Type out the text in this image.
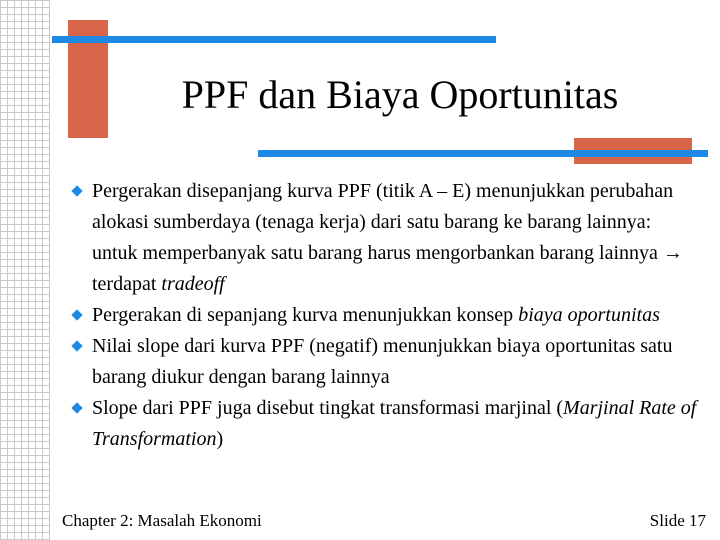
PPF dan Biaya Oportunitas
Pergerakan disepanjang kurva PPF (titik A – E) menunjukkan perubahan alokasi sumberdaya (tenaga kerja) dari satu barang ke barang lainnya: untuk memperbanyak satu barang harus mengorbankan barang lainnya → terdapat tradeoff
Pergerakan di sepanjang kurva menunjukkan konsep biaya oportunitas
Nilai slope dari kurva PPF (negatif) menunjukkan biaya oportunitas satu barang diukur dengan barang lainnya
Slope dari PPF juga disebut tingkat transformasi marjinal (Marjinal Rate of Transformation)
Chapter 2: Masalah Ekonomi	Slide 17
